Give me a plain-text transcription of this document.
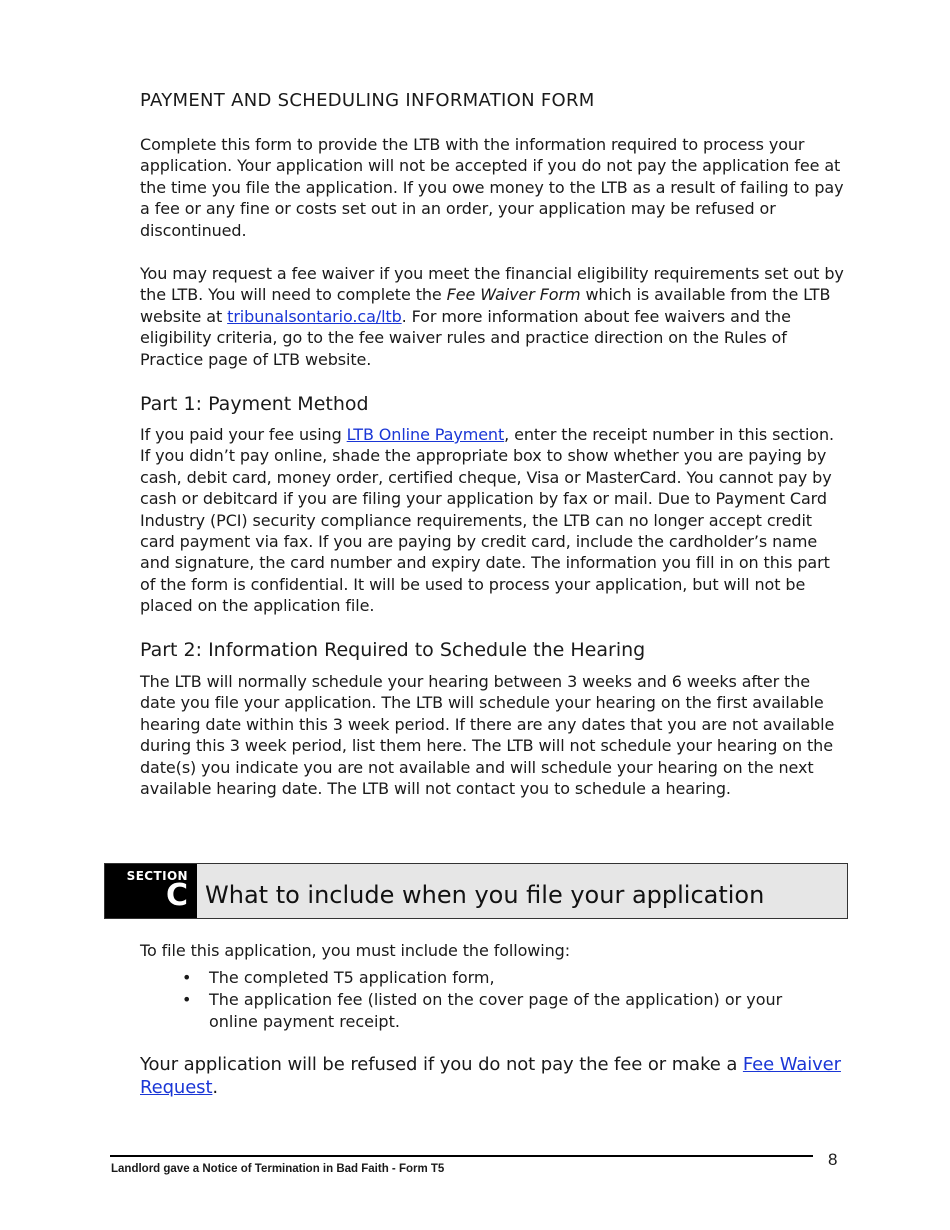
PAYMENT AND SCHEDULING INFORMATION FORM

Complete this form to provide the LTB with the information required to process your application. Your application will not be accepted if you do not pay the application fee at the time you file the application. If you owe money to the LTB as a result of failing to pay a fee or any fine or costs set out in an order, your application may be refused or discontinued.

You may request a fee waiver if you meet the financial eligibility requirements set out by the LTB. You will need to complete the Fee Waiver Form which is available from the LTB website at tribunalsontario.ca/ltb. For more information about fee waivers and the eligibility criteria, go to the fee waiver rules and practice direction on the Rules of Practice page of LTB website.

Part 1: Payment Method

If you paid your fee using LTB Online Payment, enter the receipt number in this section. If you didn’t pay online, shade the appropriate box to show whether you are paying by cash, debit card, money order, certified cheque, Visa or MasterCard. You cannot pay by cash or debitcard if you are filing your application by fax or mail. Due to Payment Card Industry (PCI) security compliance requirements, the LTB can no longer accept credit card payment via fax. If you are paying by credit card, include the cardholder’s name and signature, the card number and expiry date. The information you fill in on this part of the form is confidential. It will be used to process your application, but will not be placed on the application file.

Part 2: Information Required to Schedule the Hearing

The LTB will normally schedule your hearing between 3 weeks and 6 weeks after the date you file your application. The LTB will schedule your hearing on the first available hearing date within this 3 week period. If there are any dates that you are not available during this 3 week period, list them here. The LTB will not schedule your hearing on the date(s) you indicate you are not available and will schedule your hearing on the next available hearing date. The LTB will not contact you to schedule a hearing.

SECTION
C What to include when you file your application

To file this application, you must include the following:

• The completed T5 application form,
• The application fee (listed on the cover page of the application) or your online payment receipt.

Your application will be refused if you do not pay the fee or make a Fee Waiver Request.

Landlord gave a Notice of Termination in Bad Faith - Form T5	8
